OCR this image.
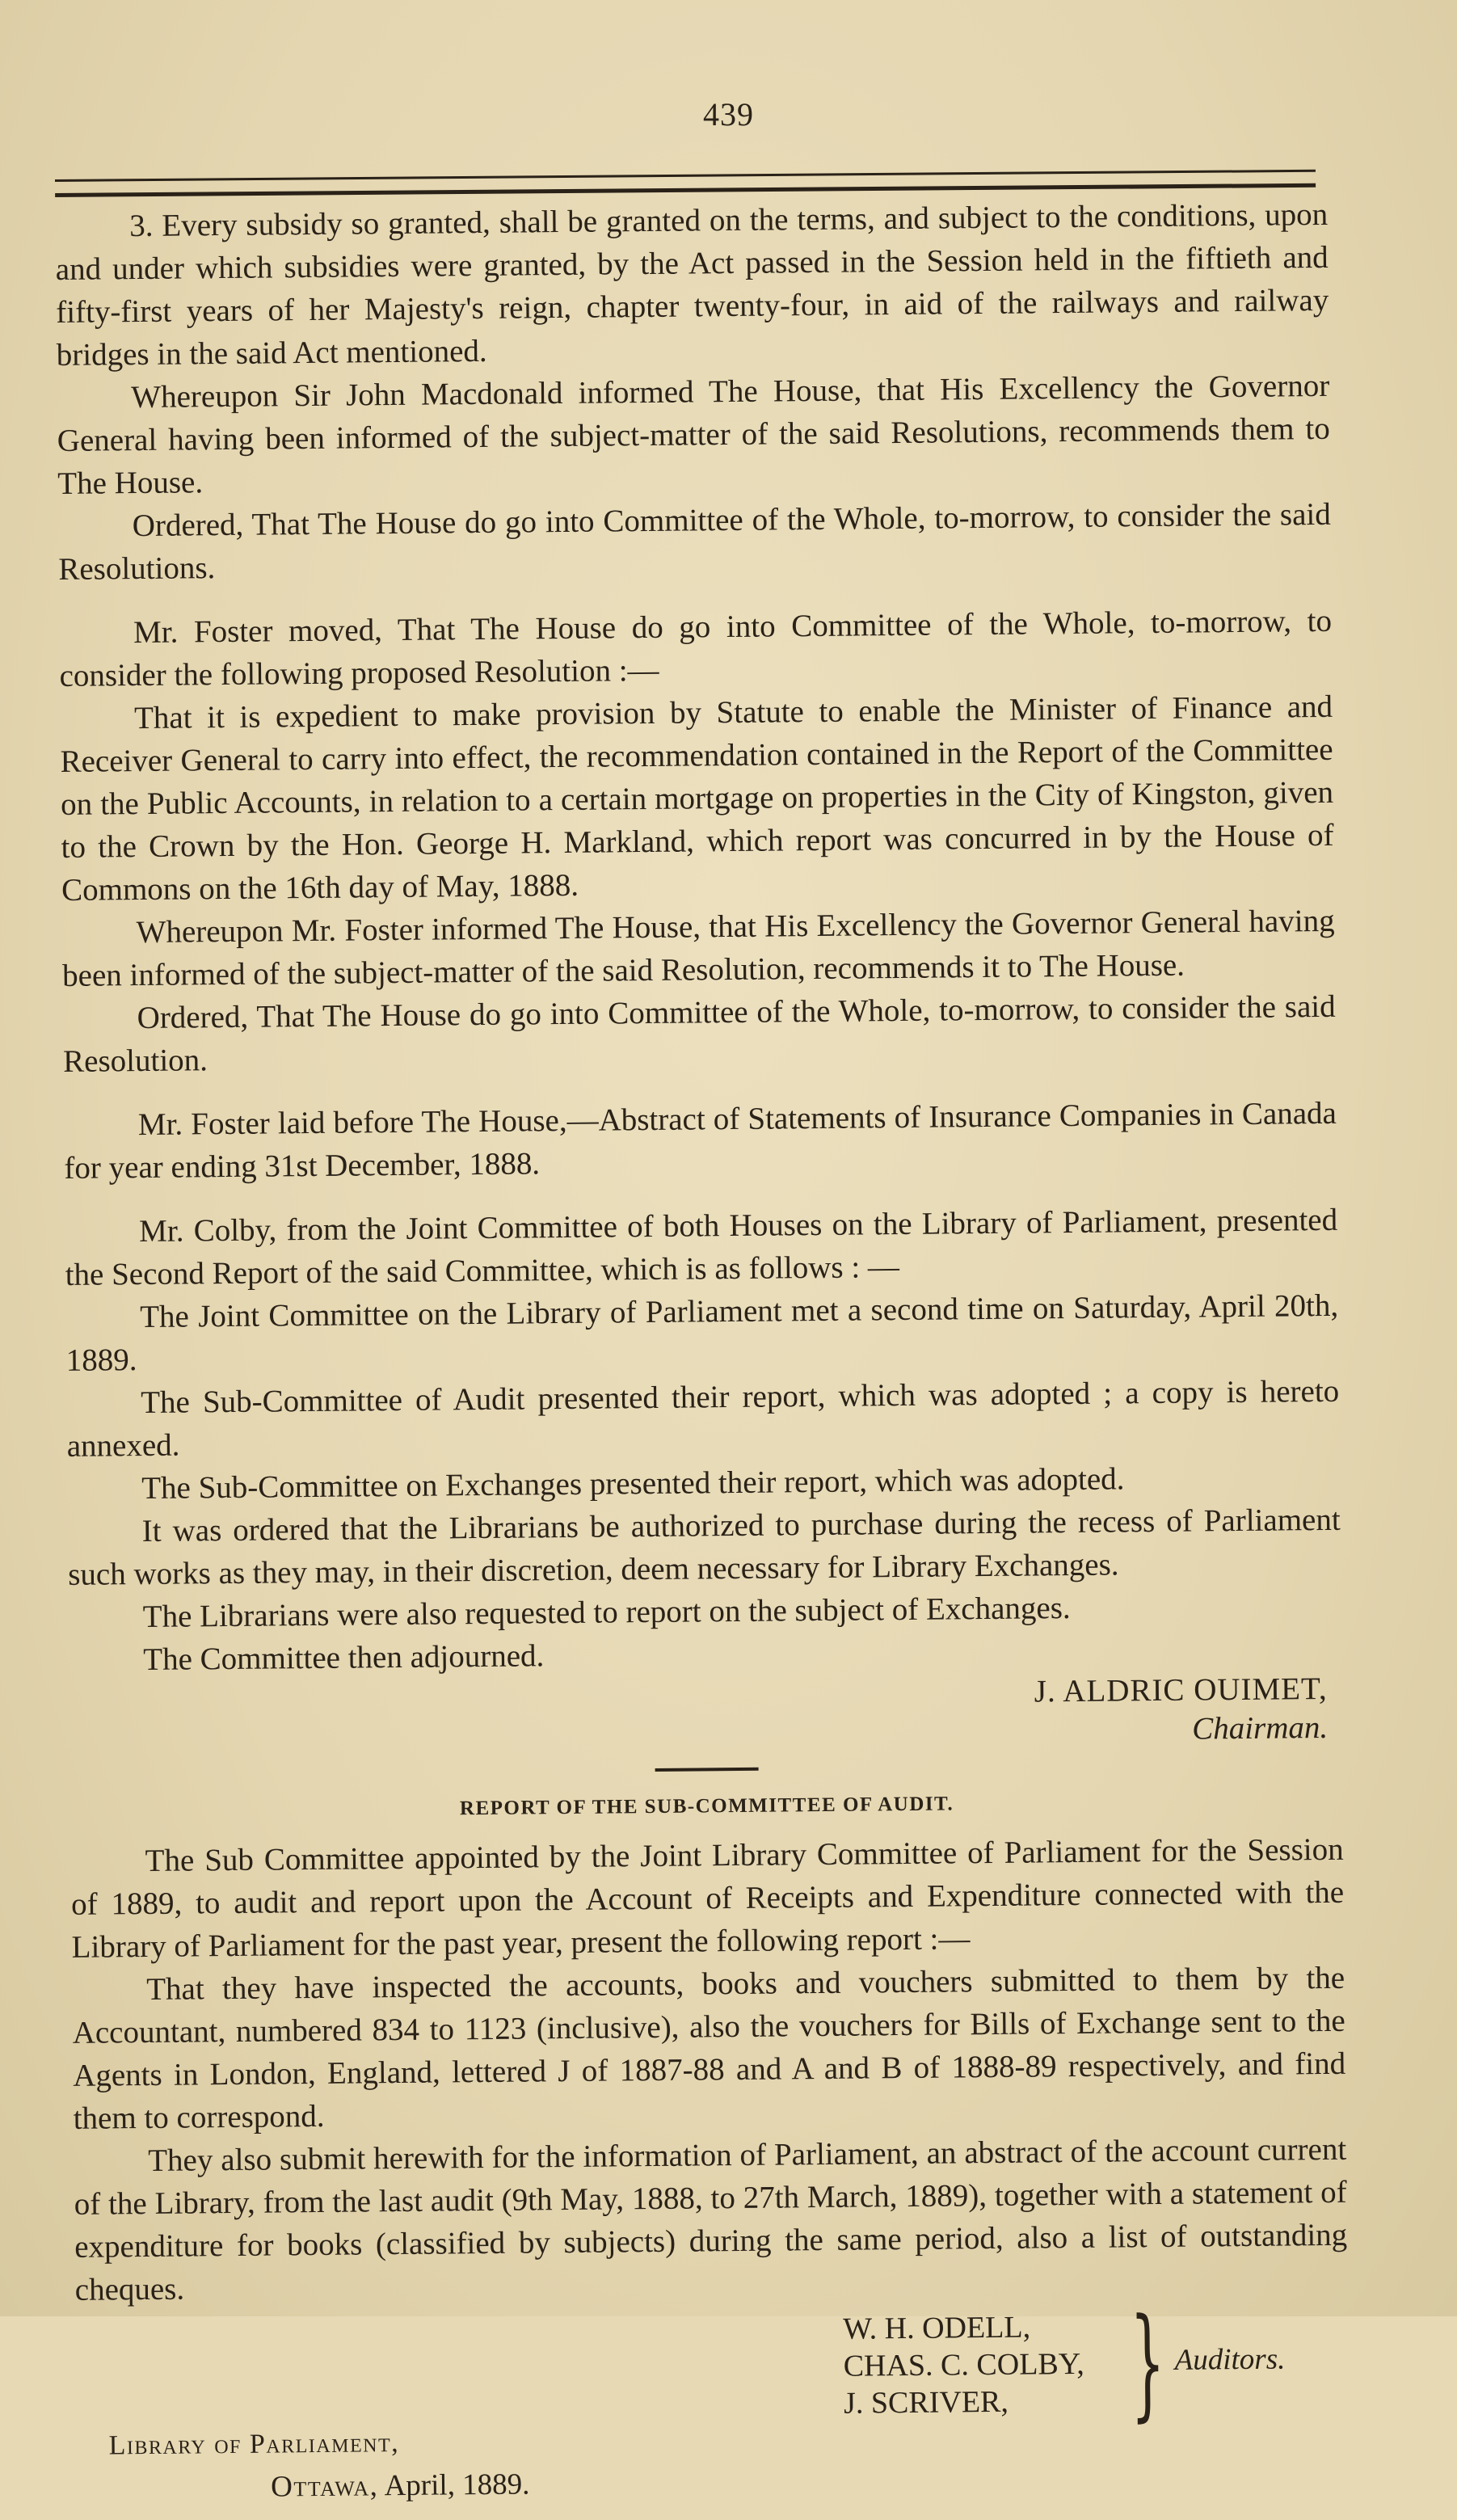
439

3. Every subsidy so granted, shall be granted on the terms, and subject to the conditions, upon and under which subsidies were granted, by the Act passed in the Session held in the fiftieth and fifty-first years of her Majesty's reign, chapter twenty-four, in aid of the railways and railway bridges in the said Act mentioned.

Whereupon Sir John Macdonald informed The House, that His Excellency the Governor General having been informed of the subject-matter of the said Resolutions, recommends them to The House.

Ordered, That The House do go into Committee of the Whole, to-morrow, to consider the said Resolutions.

Mr. Foster moved, That The House do go into Committee of the Whole, to-morrow, to consider the following proposed Resolution :—

That it is expedient to make provision by Statute to enable the Minister of Finance and Receiver General to carry into effect, the recommendation contained in the Report of the Committee on the Public Accounts, in relation to a certain mortgage on properties in the City of Kingston, given to the Crown by the Hon. George H. Markland, which report was concurred in by the House of Commons on the 16th day of May, 1888.

Whereupon Mr. Foster informed The House, that His Excellency the Governor General having been informed of the subject-matter of the said Resolution, recommends it to The House.

Ordered, That The House do go into Committee of the Whole, to-morrow, to consider the said Resolution.

Mr. Foster laid before The House,—Abstract of Statements of Insurance Companies in Canada for year ending 31st December, 1888.

Mr. Colby, from the Joint Committee of both Houses on the Library of Parliament, presented the Second Report of the said Committee, which is as follows : —

The Joint Committee on the Library of Parliament met a second time on Saturday, April 20th, 1889.

The Sub-Committee of Audit presented their report, which was adopted ; a copy is hereto annexed.

The Sub-Committee on Exchanges presented their report, which was adopted.

It was ordered that the Librarians be authorized to purchase during the recess of Parliament such works as they may, in their discretion, deem necessary for Library Exchanges.

The Librarians were also requested to report on the subject of Exchanges.

The Committee then adjourned.

J. ALDRIC OUIMET,
Chairman.
REPORT OF THE SUB-COMMITTEE OF AUDIT.

The Sub Committee appointed by the Joint Library Committee of Parliament for the Session of 1889, to audit and report upon the Account of Receipts and Expenditure connected with the Library of Parliament for the past year, present the following report :—

That they have inspected the accounts, books and vouchers submitted to them by the Accountant, numbered 834 to 1123 (inclusive), also the vouchers for Bills of Exchange sent to the Agents in London, England, lettered J of 1887-88 and A and B of 1888-89 respectively, and find them to correspond.

They also submit herewith for the information of Parliament, an abstract of the account current of the Library, from the last audit (9th May, 1888, to 27th March, 1889), together with a statement of expenditure for books (classified by subjects) during the same period, also a list of outstanding cheques.

W. H. ODELL,
CHAS. C. COLBY,
J. SCRIVER, } Auditors.
Library of Parliament,
Ottawa, April, 1889.
